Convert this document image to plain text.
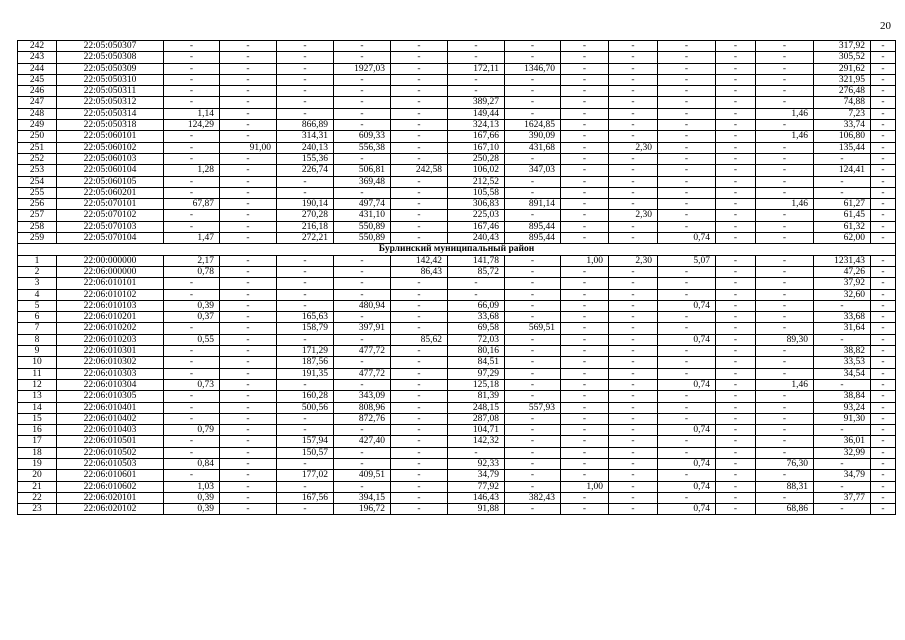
20
242	22:05:050307	-	-	-	-	-	-	-	-	-	-	-	-	317,92	-
243	22:05:050308	-	-	-	-	-	-	-	-	-	-	-	-	305,52	-
244	22:05:050309	-	-	-	1927,03	-	172,11	1346,70	-	-	-	-	-	291,62	-
245	22:05:050310	-	-	-	-	-	-	-	-	-	-	-	-	321,95	-
246	22:05:050311	-	-	-	-	-	-	-	-	-	-	-	-	276,48	-
247	22:05:050312	-	-	-	-	-	389,27	-	-	-	-	-	-	74,88	-
248	22:05:050314	1,14	-	-	-	-	149,44	-	-	-	-	-	1,46	7,23	-
249	22:05:050318	124,29	-	866,89	-	-	324,13	1624,85	-	-	-	-	-	33,74	-
250	22:05:060101	-	-	314,31	609,33	-	167,66	390,09	-	-	-	-	1,46	106,80	-
251	22:05:060102	-	91,00	240,13	556,38	-	167,10	431,68	-	2,30	-	-	-	135,44	-
252	22:05:060103	-	-	155,36	-	-	250,28	-	-	-	-	-	-	-	-
253	22:05:060104	1,28	-	226,74	506,81	242,58	106,02	347,03	-	-	-	-	-	124,41	-
254	22:05:060105	-	-	-	369,48	-	212,52	-	-	-	-	-	-	-	-
255	22:05:060201	-	-	-	-	-	105,58	-	-	-	-	-	-	-	-
256	22:05:070101	67,87	-	190,14	497,74	-	306,83	891,14	-	-	-	-	1,46	61,27	-
257	22:05:070102	-	-	270,28	431,10	-	225,03	-	-	2,30	-	-	-	61,45	-
258	22:05:070103	-	-	216,18	550,89	-	167,46	895,44	-	-	-	-	-	61,32	-
259	22:05:070104	1,47	-	272,21	550,89	-	240,43	895,44	-	-	0,74	-	-	62,00	-
Бурлинский муниципальный район															
1	22:00:000000	2,17	-	-	-	142,42	141,78	-	1,00	2,30	5,07	-	-	1231,43	-
2	22:06:000000	0,78	-	-	-	86,43	85,72	-	-	-	-	-	-	47,26	-
3	22:06:010101	-	-	-	-	-	-	-	-	-	-	-	-	37,92	-
4	22:06:010102	-	-	-	-	-	-	-	-	-	-	-	-	32,60	-
5	22:06:010103	0,39	-	-	480,94	-	66,09	-	-	-	0,74	-	-	-	-
6	22:06:010201	0,37	-	165,63	-	-	33,68	-	-	-	-	-	-	33,68	-
7	22:06:010202	-	-	158,79	397,91	-	69,58	569,51	-	-	-	-	-	31,64	-
8	22:06:010203	0,55	-	-	-	85,62	72,03	-	-	-	0,74	-	89,30	-	-
9	22:06:010301	-	-	171,29	477,72	-	80,16	-	-	-	-	-	-	38,82	-
10	22:06:010302	-	-	187,56	-	-	84,51	-	-	-	-	-	-	33,53	-
11	22:06:010303	-	-	191,35	477,72	-	97,29	-	-	-	-	-	-	34,54	-
12	22:06:010304	0,73	-	-	-	-	125,18	-	-	-	0,74	-	1,46	-	-
13	22:06:010305	-	-	160,28	343,09	-	81,39	-	-	-	-	-	-	38,84	-
14	22:06:010401	-	-	500,56	808,96	-	248,15	557,93	-	-	-	-	-	93,24	-
15	22:06:010402	-	-	-	872,76	-	287,08	-	-	-	-	-	-	91,30	-
16	22:06:010403	0,79	-	-	-	-	104,71	-	-	-	0,74	-	-	-	-
17	22:06:010501	-	-	157,94	427,40	-	142,32	-	-	-	-	-	-	36,01	-
18	22:06:010502	-	-	150,57	-	-	-	-	-	-	-	-	-	32,99	-
19	22:06:010503	0,84	-	-	-	-	92,33	-	-	-	0,74	-	76,30	-	-
20	22:06:010601	-	-	177,02	409,51	-	34,79	-	-	-	-	-	-	34,79	-
21	22:06:010602	1,03	-	-	-	-	77,92	-	1,00	-	0,74	-	88,31	-	-
22	22:06:020101	0,39	-	167,56	394,15	-	146,43	382,43	-	-	-	-	-	37,77	-
23	22:06:020102	0,39	-	-	196,72	-	91,88	-	-	-	0,74	-	68,86	-	-
